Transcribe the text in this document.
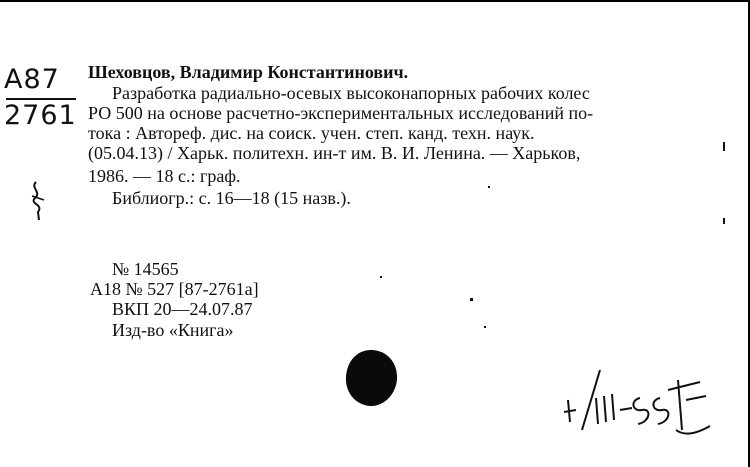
А87
2761
Шеховцов, Владимир Константинович.
Разработка радиально-осевых высоконапорных рабочих колес
РО 500 на основе расчетно-экспериментальных исследований по-
тока : Автореф. дис. на соиск. учен. степ. канд. техн. наук.
(05.04.13) / Харьк. политехн. ин-т им. В. И. Ленина. — Харьков,
1986. — 18 с.: граф.
Библиогр.: с. 16—18 (15 назв.).
№ 14565
А18 № 527 [87-2761а]
ВКП 20—24.07.87
Изд-во «Книга»
